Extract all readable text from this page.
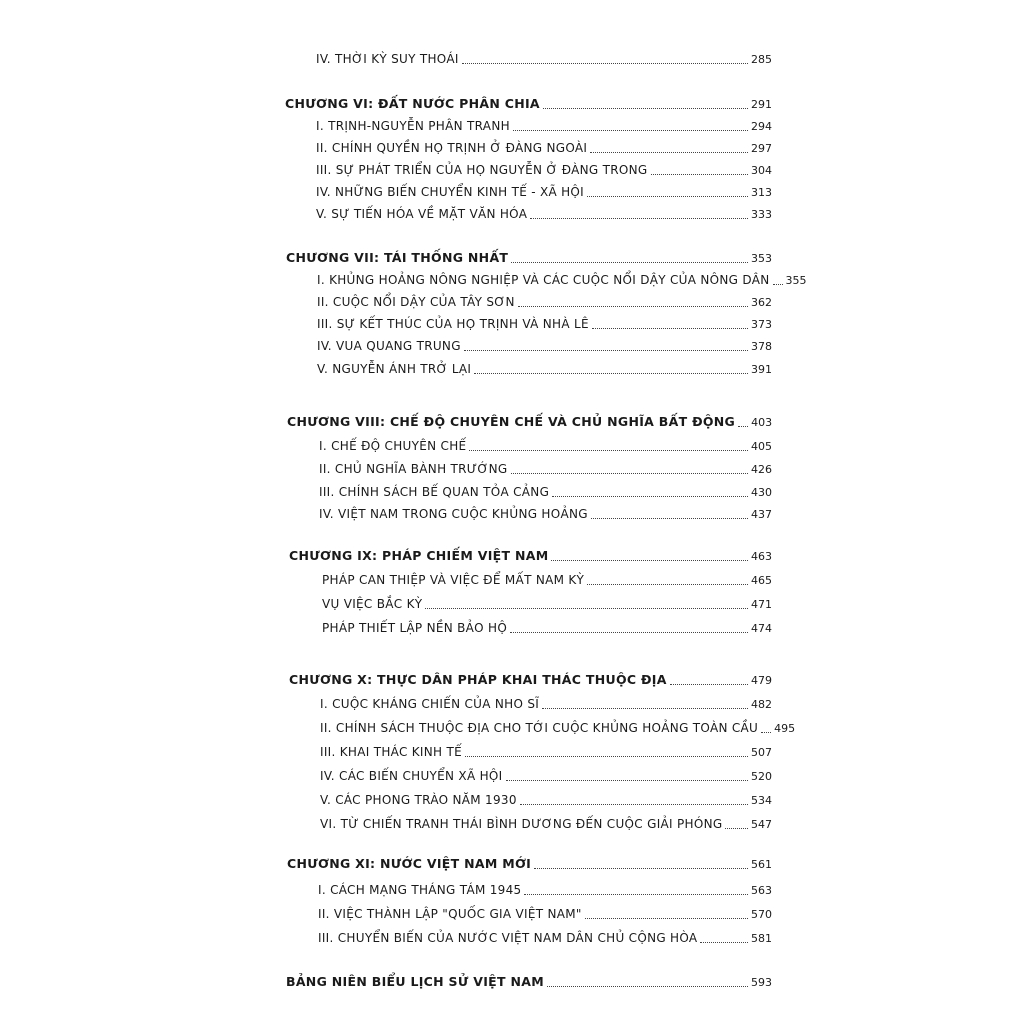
IV. THỜI KỲ SUY THOÁI	285
CHƯƠNG VI: ĐẤT NƯỚC PHÂN CHIA	291
I. TRỊNH-NGUYỄN PHÂN TRANH	294
II. CHÍNH QUYỀN HỌ TRỊNH Ở ĐÀNG NGOÀI	297
III. SỰ PHÁT TRIỂN CỦA HỌ NGUYỄN Ở ĐÀNG TRONG	304
IV. NHỮNG BIẾN CHUYỂN KINH TẾ - XÃ HỘI	313
V. SỰ TIẾN HÓA VỀ MẶT VĂN HÓA	333
CHƯƠNG VII: TÁI THỐNG NHẤT	353
I. KHỦNG HOẢNG NÔNG NGHIỆP VÀ CÁC CUỘC NỔI DẬY CỦA NÔNG DÂN 355
II. CUỘC NỔI DẬY CỦA TÂY SƠN	362
III. SỰ KẾT THÚC CỦA HỌ TRỊNH VÀ NHÀ LÊ	373
IV. VUA QUANG TRUNG	378
V. NGUYỄN ÁNH TRỞ LẠI	391
CHƯƠNG VIII: CHẾ ĐỘ CHUYÊN CHẾ VÀ CHỦ NGHĨA BẤT ĐỘNG 403
I. CHẾ ĐỘ CHUYÊN CHẾ	405
II. CHỦ NGHĨA BÀNH TRƯỚNG	426
III. CHÍNH SÁCH BẾ QUAN TỎA CẢNG	430
IV. VIỆT NAM TRONG CUỘC KHỦNG HOẢNG	437
CHƯƠNG IX: PHÁP CHIẾM VIỆT NAM	463
PHÁP CAN THIỆP VÀ VIỆC ĐỂ MẤT NAM KỲ	465
VỤ VIỆC BẮC KỲ	471
PHÁP THIẾT LẬP NỀN BẢO HỘ	474
CHƯƠNG X: THỰC DÂN PHÁP KHAI THÁC THUỘC ĐỊA	479
I. CUỘC KHÁNG CHIẾN CỦA NHO SĨ	482
II. CHÍNH SÁCH THUỘC ĐỊA CHO TỚI CUỘC KHỦNG HOẢNG TOÀN CẦU 495
III. KHAI THÁC KINH TẾ	507
IV. CÁC BIẾN CHUYỂN XÃ HỘI	520
V. CÁC PHONG TRÀO NĂM 1930	534
VI. TỪ CHIẾN TRANH THÁI BÌNH DƯƠNG ĐẾN CUỘC GIẢI PHÓNG	547
CHƯƠNG XI: NƯỚC VIỆT NAM MỚI	561
I. CÁCH MẠNG THÁNG TÁM 1945	563
II. VIỆC THÀNH LẬP "QUỐC GIA VIỆT NAM"	570
III. CHUYỂN BIẾN CỦA NƯỚC VIỆT NAM DÂN CHỦ CỘNG HÒA	581
BẢNG NIÊN BIỂU LỊCH SỬ VIỆT NAM	593
